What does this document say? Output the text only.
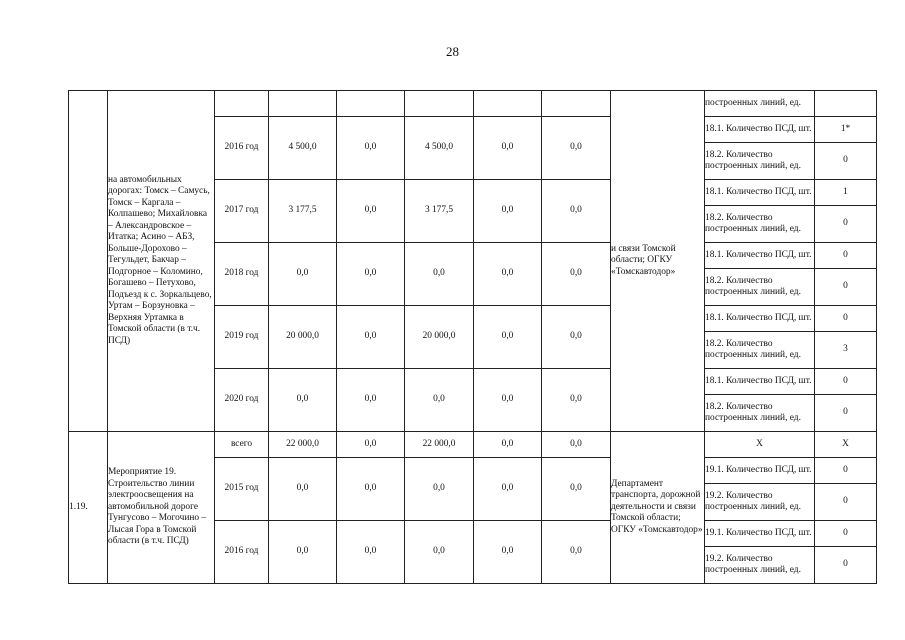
28
	на автомобильных дорогах: Томск – Самусь, Томск – Каргала – Колпашево; Михайловка – Александровское – Итатка; Асино – АБЗ, Больше-Дорохово – Тегульдет, Бакчар – Подгорное – Коломино, Богашево – Петухово, Подъезд к с. Зоркальцево, Уртам – Борзуновка – Верхняя Уртамка в Томской области (в т.ч. ПСД)							и связи Томской области; ОГКУ «Томскавтодор»	построенных линий, ед.	
		2016 год	4 500,0	0,0	4 500,0	0,0	0,0		18.1. Количество ПСД, шт.	1*
									18.2. Количество построенных линий, ед.	0
		2017 год	3 177,5	0,0	3 177,5	0,0	0,0		18.1. Количество ПСД, шт.	1
									18.2. Количество построенных линий, ед.	0
		2018 год	0,0	0,0	0,0	0,0	0,0		18.1. Количество ПСД, шт.	0
									18.2. Количество построенных линий, ед.	0
		2019 год	20 000,0	0,0	20 000,0	0,0	0,0		18.1. Количество ПСД, шт.	0
									18.2. Количество построенных линий, ед.	3
		2020 год	0,0	0,0	0,0	0,0	0,0		18.1. Количество ПСД, шт.	0
									18.2. Количество построенных линий, ед.	0
1.19.	Мероприятие 19. Строительство линии электроосвещения на автомобильной дороге Тунгусово – Могочино – Лысая Гора в Томской области (в т.ч. ПСД)	всего	22 000,0	0,0	22 000,0	0,0	0,0	Департамент транспорта, дорожной деятельности и связи Томской области; ОГКУ «Томскавтодор»	X	X
		2015 год	0,0	0,0	0,0	0,0	0,0		19.1. Количество ПСД, шт.	0
									19.2. Количество построенных линий, ед.	0
		2016 год	0,0	0,0	0,0	0,0	0,0		19.1. Количество ПСД, шт.	0
									19.2. Количество построенных линий, ед.	0
